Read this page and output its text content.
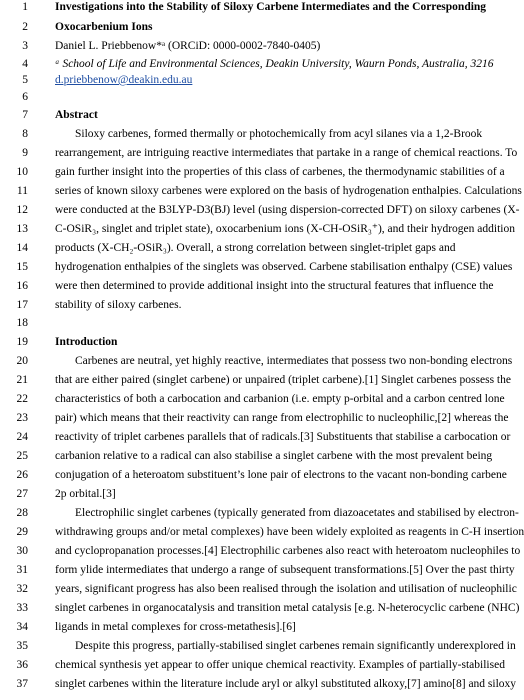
1 Investigations into the Stability of Siloxy Carbene Intermediates and the Corresponding
2 Oxocarbenium Ions
3 Daniel L. Priebbenow*ᵃ (ORCiD: 0000-0002-7840-0405)
4 ᵃ School of Life and Environmental Sciences, Deakin University, Waurn Ponds, Australia, 3216
5 d.priebbenow@deakin.edu.au
6
7 Abstract
8	Siloxy carbenes, formed thermally or photochemically from acyl silanes via a 1,2-Brook
9 rearrangement, are intriguing reactive intermediates that partake in a range of chemical reactions. To
10 gain further insight into the properties of this class of carbenes, the thermodynamic stabilities of a
11 series of known siloxy carbenes were explored on the basis of hydrogenation enthalpies. Calculations
12 were conducted at the B3LYP-D3(BJ) level (using dispersion-corrected DFT) on siloxy carbenes (X-
13 C-OSiR₃, singlet and triplet state), oxocarbenium ions (X-CH-OSiR₃⁺), and their hydrogen addition
14 products (X-CH₂-OSiR₃). Overall, a strong correlation between singlet-triplet gaps and
15 hydrogenation enthalpies of the singlets was observed. Carbene stabilisation enthalpy (CSE) values
16 were then determined to provide additional insight into the structural features that influence the
17 stability of siloxy carbenes.
18
19 Introduction
20	Carbenes are neutral, yet highly reactive, intermediates that possess two non-bonding electrons
21 that are either paired (singlet carbene) or unpaired (triplet carbene).[1] Singlet carbenes possess the
22 characteristics of both a carbocation and carbanion (i.e. empty p-orbital and a carbon centred lone
23 pair) which means that their reactivity can range from electrophilic to nucleophilic,[2] whereas the
24 reactivity of triplet carbenes parallels that of radicals.[3] Substituents that stabilise a carbocation or
25 carbanion relative to a radical can also stabilise a singlet carbene with the most prevalent being
26 conjugation of a heteroatom substituent’s lone pair of electrons to the vacant non-bonding carbene
27 2p orbital.[3]
28	Electrophilic singlet carbenes (typically generated from diazoacetates and stabilised by electron-
29 withdrawing groups and/or metal complexes) have been widely exploited as reagents in C-H insertion
30 and cyclopropanation processes.[4] Electrophilic carbenes also react with heteroatom nucleophiles to
31 form ylide intermediates that undergo a range of subsequent transformations.[5] Over the past thirty
32 years, significant progress has also been realised through the isolation and utilisation of nucleophilic
33 singlet carbenes in organocatalysis and transition metal catalysis [e.g. N-heterocyclic carbene (NHC)
34 ligands in metal complexes for cross-metathesis].[6]
35	Despite this progress, partially-stabilised singlet carbenes remain significantly underexplored in
36 chemical synthesis yet appear to offer unique chemical reactivity. Examples of partially-stabilised
37 singlet carbenes within the literature include aryl or alkyl substituted alkoxy,[7] amino[8] and siloxy
